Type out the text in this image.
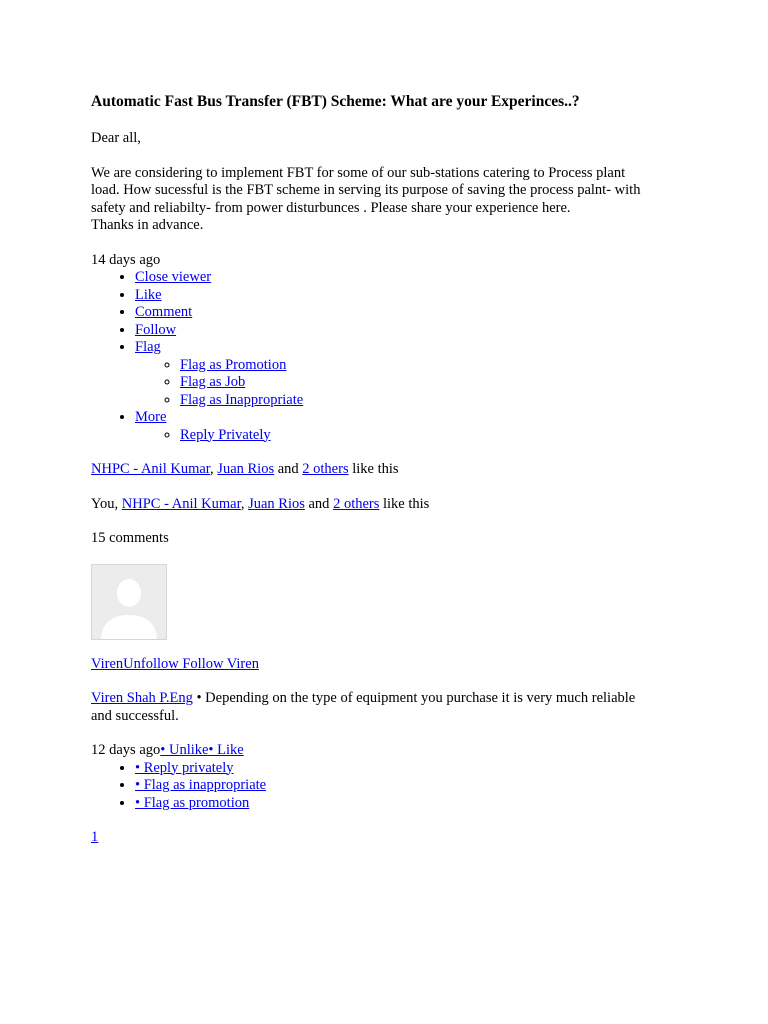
Automatic Fast Bus Transfer (FBT) Scheme: What are your Experinces..?

Dear all,

We are considering to implement FBT for some of our sub-stations catering to Process plant
load. How sucessful is the FBT scheme in serving its purpose of saving the process palnt- with
safety and reliabilty- from power disturbunces . Please share your experience here.
Thanks in advance.

14 days ago

• Close viewer
• Like
• Comment
• Follow
• Flag
◦ Flag as Promotion
◦ Flag as Job
◦ Flag as Inappropriate
• More
◦ Reply Privately

NHPC - Anil Kumar, Juan Rios and 2 others like this

You, NHPC - Anil Kumar, Juan Rios and 2 others like this

15 comments

VirenUnfollow Follow Viren

Viren Shah P.Eng • Depending on the type of equipment you purchase it is very much reliable
and successful.

12 days ago• Unlike• Like

• • Reply privately
• • Flag as inappropriate
• • Flag as promotion

1
